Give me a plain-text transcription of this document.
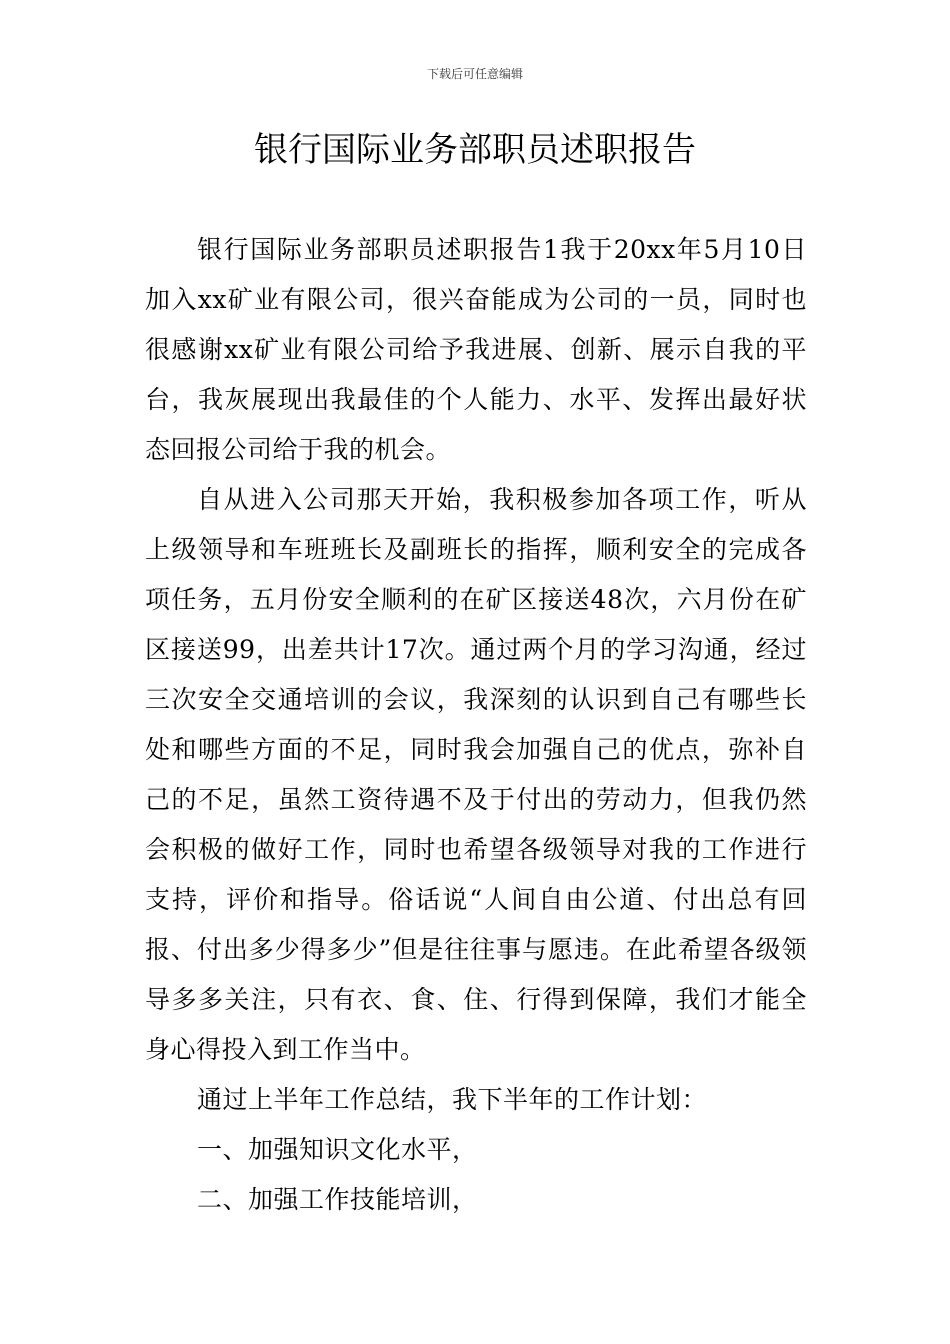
下载后可任意编辑
银行国际业务部职员述职报告

银行国际业务部职员述职报告1我于20xx年5月10日加入xx矿业有限公司，很兴奋能成为公司的一员，同时也很感谢xx矿业有限公司给予我进展、创新、展示自我的平台，我灰展现出我最佳的个人能力、水平、发挥出最好状态回报公司给于我的机会。

自从进入公司那天开始，我积极参加各项工作，听从上级领导和车班班长及副班长的指挥，顺利安全的完成各项任务，五月份安全顺利的在矿区接送48次，六月份在矿区接送99，出差共计17次。通过两个月的学习沟通，经过三次安全交通培训的会议，我深刻的认识到自己有哪些长处和哪些方面的不足，同时我会加强自己的优点，弥补自己的不足，虽然工资待遇不及于付出的劳动力，但我仍然会积极的做好工作，同时也希望各级领导对我的工作进行支持，评价和指导。俗话说“人间自由公道、付出总有回报、付出多少得多少”但是往往事与愿违。在此希望各级领导多多关注，只有衣、食、住、行得到保障，我们才能全身心得投入到工作当中。

通过上半年工作总结，我下半年的工作计划：

一、加强知识文化水平，

二、加强工作技能培训，
